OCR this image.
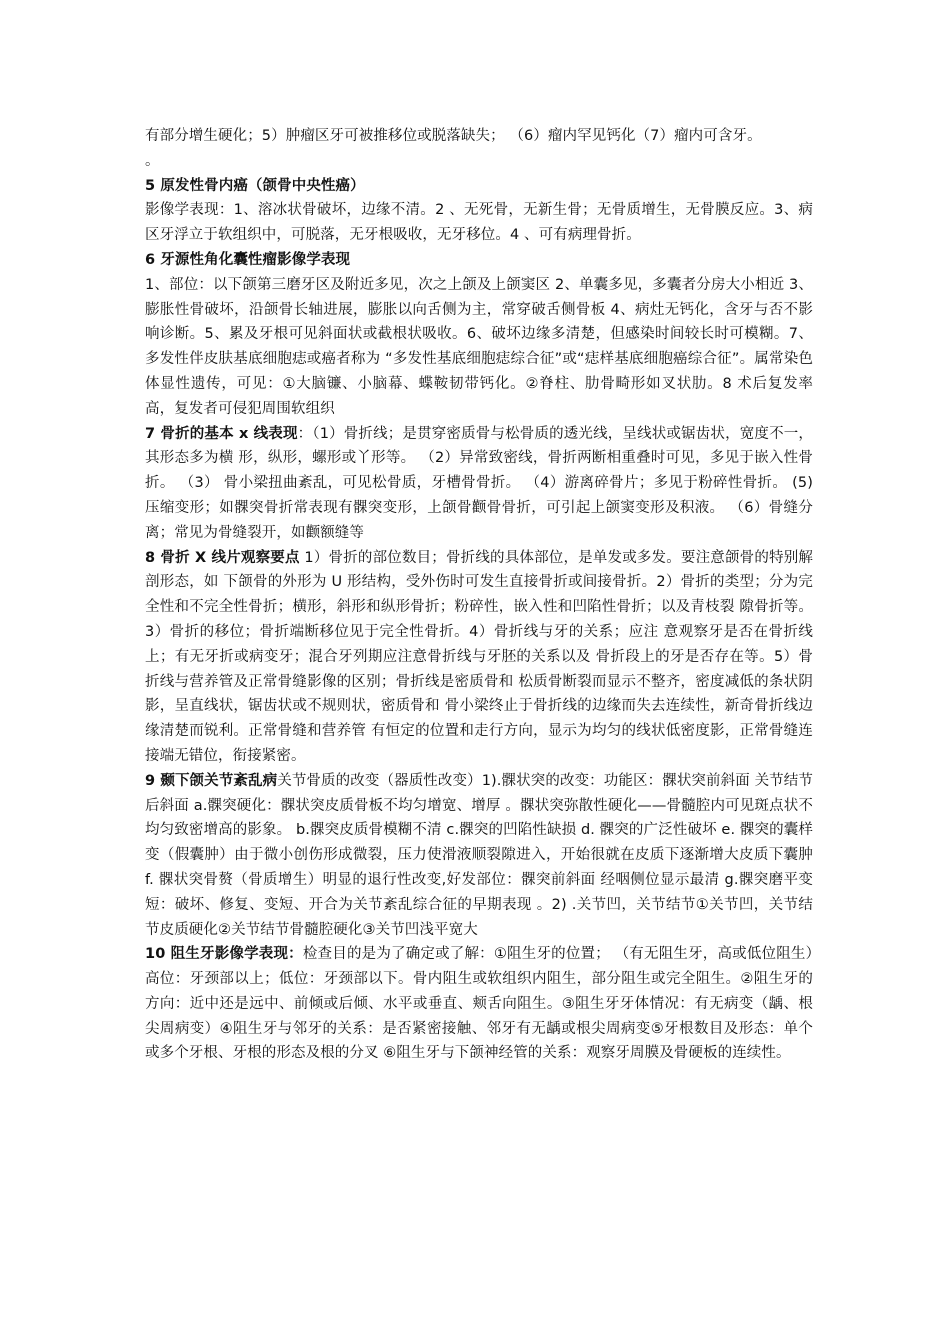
有部分增生硬化；5）肿瘤区牙可被推移位或脱落缺失； （6）瘤内罕见钙化（7）瘤内可含牙。

。

5 原发性骨内癌（颌骨中央性癌）

影像学表现：1、溶冰状骨破坏，边缘不清。2 、无死骨，无新生骨；无骨质增生，无骨膜反应。3、病区牙浮立于软组织中，可脱落，无牙根吸收，无牙移位。4 、可有病理骨折。

6 牙源性角化囊性瘤影像学表现

1、部位：以下颌第三磨牙区及附近多见，次之上颌及上颌窦区 2、单囊多见，多囊者分房大小相近 3、膨胀性骨破坏，沿颌骨长轴进展，膨胀以向舌侧为主，常穿破舌侧骨板 4、病灶无钙化，含牙与否不影响诊断。5、累及牙根可见斜面状或截根状吸收。6、破坏边缘多清楚，但感染时间较长时可模糊。7、多发性伴皮肤基底细胞痣或癌者称为 “多发性基底细胞痣综合征”或“痣样基底细胞癌综合征”。属常染色体显性遗传，可见：①大脑镰、小脑幕、蝶鞍韧带钙化。②脊柱、肋骨畸形如叉状肋。8 术后复发率高，复发者可侵犯周围软组织

7 骨折的基本 x 线表现：（1）骨折线；是贯穿密质骨与松骨质的透光线，呈线状或锯齿状，宽度不一，其形态多为横 形，纵形，螺形或丫形等。 （2）异常致密线，骨折两断相重叠时可见，多见于嵌入性骨折。 （3） 骨小梁扭曲紊乱，可见松骨质，牙槽骨骨折。 （4）游离碎骨片；多见于粉碎性骨折。 (5) 压缩变形；如髁突骨折常表现有髁突变形，上颌骨颧骨骨折，可引起上颌窦变形及积液。 （6）骨缝分离；常见为骨缝裂开，如颧额缝等

8 骨折 X 线片观察要点 1）骨折的部位数目；骨折线的具体部位，是单发或多发。要注意颌骨的特别解剖形态，如 下颌骨的外形为 U 形结构，受外伤时可发生直接骨折或间接骨折。2）骨折的类型；分为完 全性和不完全性骨折；横形，斜形和纵形骨折；粉碎性，嵌入性和凹陷性骨折；以及青枝裂 隙骨折等。3）骨折的移位；骨折端断移位见于完全性骨折。4）骨折线与牙的关系；应注 意观察牙是否在骨折线上；有无牙折或病变牙；混合牙列期应注意骨折线与牙胚的关系以及 骨折段上的牙是否存在等。5）骨折线与营养管及正常骨缝影像的区别；骨折线是密质骨和 松质骨断裂而显示不整齐，密度减低的条状阴影，呈直线状，锯齿状或不规则状，密质骨和 骨小梁终止于骨折线的边缘而失去连续性，新奇骨折线边缘清楚而锐利。正常骨缝和营养管 有恒定的位置和走行方向，显示为均匀的线状低密度影，正常骨缝连接端无错位，衔接紧密。

9 颞下颌关节紊乱病关节骨质的改变（器质性改变）1).髁状突的改变：功能区：髁状突前斜面 关节结节后斜面 a.髁突硬化：髁状突皮质骨板不均匀增宽、增厚 。髁状突弥散性硬化——骨髓腔内可见斑点状不均匀致密增高的影象。 b.髁突皮质骨模糊不清 c.髁突的凹陷性缺损 d. 髁突的广泛性破坏 e. 髁突的囊样变（假囊肿）由于微小创伤形成微裂，压力使滑液顺裂隙进入，开始很就在皮质下逐渐增大皮质下囊肿 f. 髁状突骨赘（骨质增生）明显的退行性改变,好发部位：髁突前斜面 经咽侧位显示最清 g.髁突磨平变短：破坏、修复、变短、开合为关节紊乱综合征的早期表现 。2) .关节凹，关节结节①关节凹，关节结节皮质硬化②关节结节骨髓腔硬化③关节凹浅平宽大

10 阻生牙影像学表现：检查目的是为了确定或了解：①阻生牙的位置； （有无阻生牙，高或低位阻生）高位：牙颈部以上；低位：牙颈部以下。骨内阻生或软组织内阻生，部分阻生或完全阻生。②阻生牙的方向：近中还是远中、前倾或后倾、水平或垂直、颊舌向阻生。③阻生牙牙体情况：有无病变（龋、根尖周病变）④阻生牙与邻牙的关系：是否紧密接触、邻牙有无龋或根尖周病变⑤牙根数目及形态：单个或多个牙根、牙根的形态及根的分叉 ⑥阻生牙与下颌神经管的关系：观察牙周膜及骨硬板的连续性。
